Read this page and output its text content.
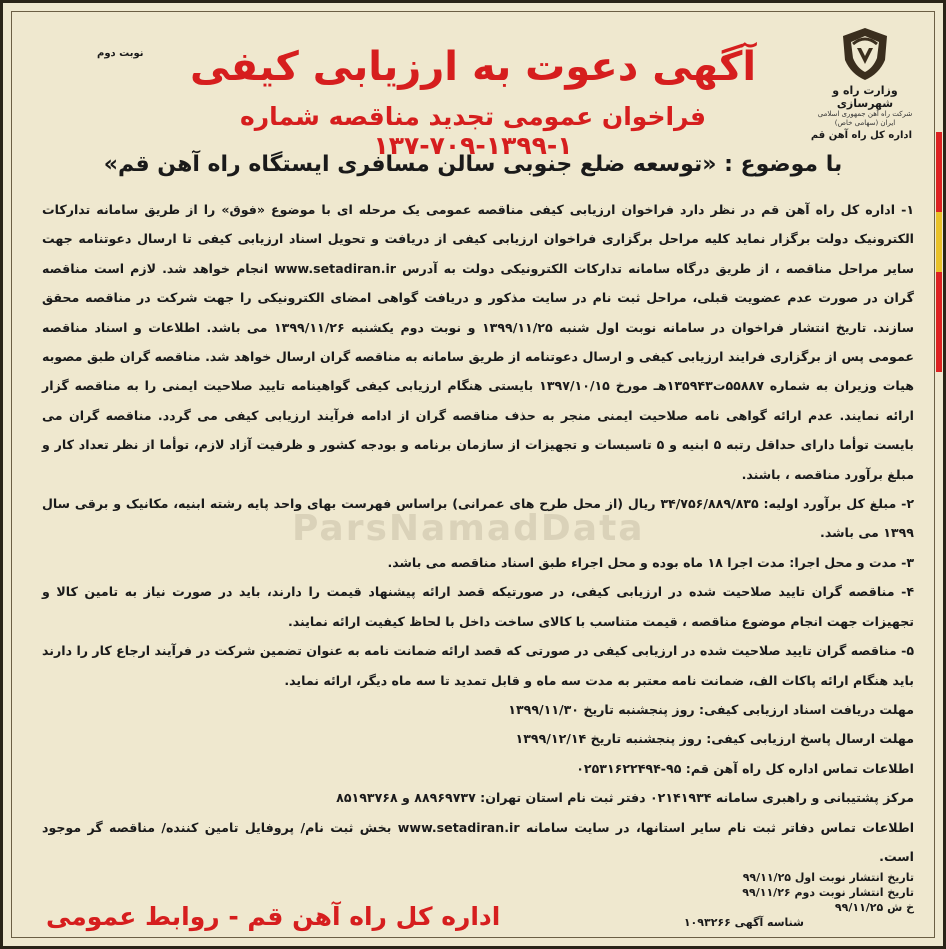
نوبت دوم
وزارت راه و شهرسازی
شرکت راه آهن جمهوری اسلامی ایران (سهامی خاص)
اداره کل راه آهن قم
آگهی دعوت به ارزیابی کیفی
فراخوان عمومی تجدید مناقصه شماره ۱-۱۳۹۹-۷۰۹-۱۳۷
با موضوع : «توسعه ضلع جنوبی سالن مسافری ایستگاه راه آهن قم»
ParsNamadData

۱- اداره کل راه آهن قم در نظر دارد فراخوان ارزیابی کیفی مناقصه عمومی یک مرحله ای با موضوع «فوق» را از طریق سامانه تدارکات الکترونیک دولت برگزار نماید کلیه مراحل برگزاری فراخوان ارزیابی کیفی از دریافت و تحویل اسناد ارزیابی کیفی تا ارسال دعوتنامه جهت سایر مراحل مناقصه ، از طریق درگاه سامانه تدارکات الکترونیکی دولت به آدرس www.setadiran.ir انجام خواهد شد. لازم است مناقصه گران در صورت عدم عضویت قبلی، مراحل ثبت نام در سایت مذکور و دریافت گواهی امضای الکترونیکی را جهت شرکت در مناقصه محقق سازند. تاریخ انتشار فراخوان در سامانه نوبت اول شنبه ۱۳۹۹/۱۱/۲۵ و نوبت دوم یکشنبه ۱۳۹۹/۱۱/۲۶ می باشد. اطلاعات و اسناد مناقصه عمومی پس از برگزاری فرایند ارزیابی کیفی و ارسال دعوتنامه از طریق سامانه به مناقصه گران ارسال خواهد شد. مناقصه گران طبق مصوبه هیات وزیران به شماره ۵۵۸۸۷ت۱۳۵۹۴۳هـ مورخ ۱۳۹۷/۱۰/۱۵ بایستی هنگام ارزیابی کیفی گواهینامه تایید صلاحیت ایمنی را به مناقصه گزار ارائه نمایند. عدم ارائه گواهی نامه صلاحیت ایمنی منجر به حذف مناقصه گران از ادامه فرآیند ارزیابی کیفی می گردد. مناقصه گران می بایست توأما دارای حداقل رتبه ۵ ابنیه و ۵ تاسیسات و تجهیزات از سازمان برنامه و بودجه کشور و ظرفیت آزاد لازم، توأما از نظر تعداد کار و مبلغ برآورد مناقصه ، باشند.

۲- مبلغ کل برآورد اولیه: ۳۴/۷۵۶/۸۸۹/۸۳۵ ریال (از محل طرح های عمرانی) براساس فهرست بهای واحد پایه رشته ابنیه، مکانیک و برقی سال ۱۳۹۹ می باشد.

۳- مدت و محل اجرا: مدت اجرا ۱۸ ماه بوده و محل اجراء طبق اسناد مناقصه می باشد.

۴- مناقصه گران تایید صلاحیت شده در ارزیابی کیفی، در صورتیکه قصد ارائه پیشنهاد قیمت را دارند، باید در صورت نیاز به تامین کالا و تجهیزات جهت انجام موضوع مناقصه ، قیمت متناسب با کالای ساخت داخل با لحاظ کیفیت ارائه نمایند.

۵- مناقصه گران تایید صلاحیت شده در ارزیابی کیفی در صورتی که قصد ارائه ضمانت نامه به عنوان تضمین شرکت در فرآیند ارجاع کار را دارند باید هنگام ارائه پاکات الف، ضمانت نامه معتبر به مدت سه ماه و قابل تمدید تا سه ماه دیگر، ارائه نماید.

مهلت دریافت اسناد ارزیابی کیفی: روز پنجشنبه تاریخ ۱۳۹۹/۱۱/۳۰

مهلت ارسال پاسخ ارزیابی کیفی: روز پنجشنبه تاریخ ۱۳۹۹/۱۲/۱۴

اطلاعات تماس اداره کل راه آهن قم: ۹۵-۰۲۵۳۱۶۲۲۴۹۴

مرکز پشتیبانی و راهبری سامانه ۰۲۱۴۱۹۳۴ دفتر ثبت نام استان تهران: ۸۸۹۶۹۷۳۷ و ۸۵۱۹۳۷۶۸

اطلاعات تماس دفاتر ثبت نام سایر استانها، در سایت سامانه www.setadiran.ir بخش ثبت نام/ پروفایل تامین کننده/ مناقصه گر موجود است.

تاریخ انتشار نوبت اول ۹۹/۱۱/۲۵
تاریخ انتشار نوبت دوم ۹۹/۱۱/۲۶
خ ش ۹۹/۱۱/۲۵
شناسه آگهی ۱۰۹۳۲۶۶
اداره کل راه آهن قم - روابط عمومی
